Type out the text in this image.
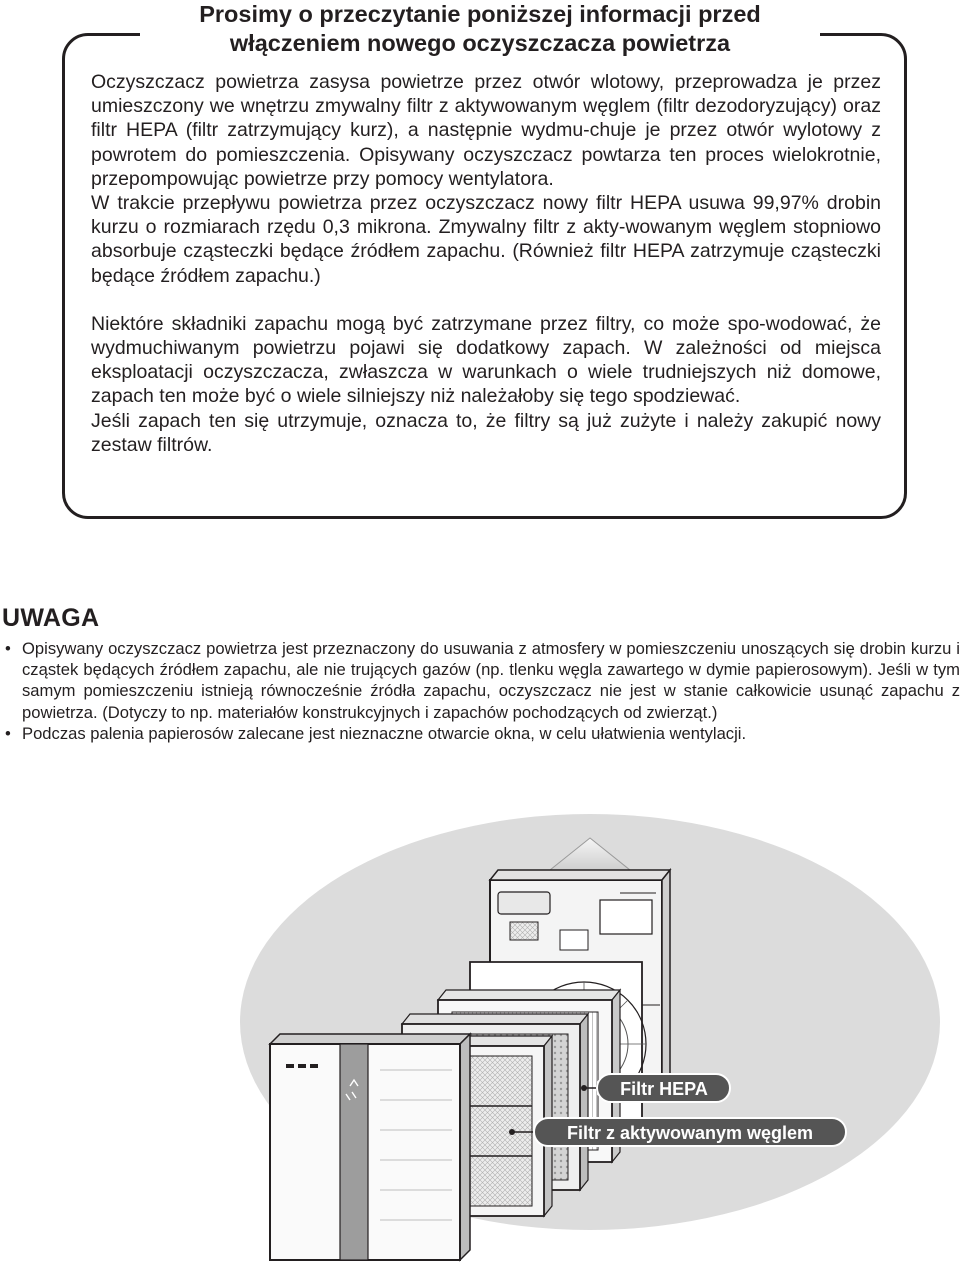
Prosimy o przeczytanie poniższej informacji przed
włączeniem nowego oczyszczacza powietrza

Oczyszczacz powietrza zasysa powietrze przez otwór wlotowy, przeprowadza je przez umieszczony we wnętrzu zmywalny filtr z aktywowanym węglem (filtr dezodoryzujący) oraz filtr HEPA (filtr zatrzymujący kurz), a następnie wydmu-chuje je przez otwór wylotowy z powrotem do pomieszczenia. Opisywany oczyszczacz powtarza ten proces wielokrotnie, przepompowując powietrze przy pomocy wentylatora.

W trakcie przepływu powietrza przez oczyszczacz nowy filtr HEPA usuwa 99,97% drobin kurzu o rozmiarach rzędu 0,3 mikrona. Zmywalny filtr z akty-wowanym węglem stopniowo absorbuje cząsteczki będące źródłem zapachu. (Również filtr HEPA zatrzymuje cząsteczki będące źródłem zapachu.)

Niektóre składniki zapachu mogą być zatrzymane przez filtry, co może spo-wodować, że wydmuchiwanym powietrzu pojawi się dodatkowy zapach. W zależności od miejsca eksploatacji oczyszczacza, zwłaszcza w warunkach o wiele trudniejszych niż domowe, zapach ten może być o wiele silniejszy niż należałoby się tego spodziewać.

Jeśli zapach ten się utrzymuje, oznacza to, że filtry są już zużyte i należy zakupić nowy zestaw filtrów.

UWAGA
• Opisywany oczyszczacz powietrza jest przeznaczony do usuwania z atmosfery w pomieszczeniu unoszących się drobin kurzu i cząstek będących źródłem zapachu, ale nie trujących gazów (np. tlenku węgla zawartego w dymie papierosowym). Jeśli w tym samym pomieszczeniu istnieją równocześnie źródła zapachu, oczyszczacz nie jest w stanie całkowicie usunąć zapachu z powietrza. (Dotyczy to np. materiałów konstrukcyjnych i zapachów pochodzących od zwierząt.)
• Podczas palenia papierosów zalecane jest nieznaczne otwarcie okna, w celu ułatwienia wentylacji.
Filtr HEPA
Filtr z aktywowanym węglem
